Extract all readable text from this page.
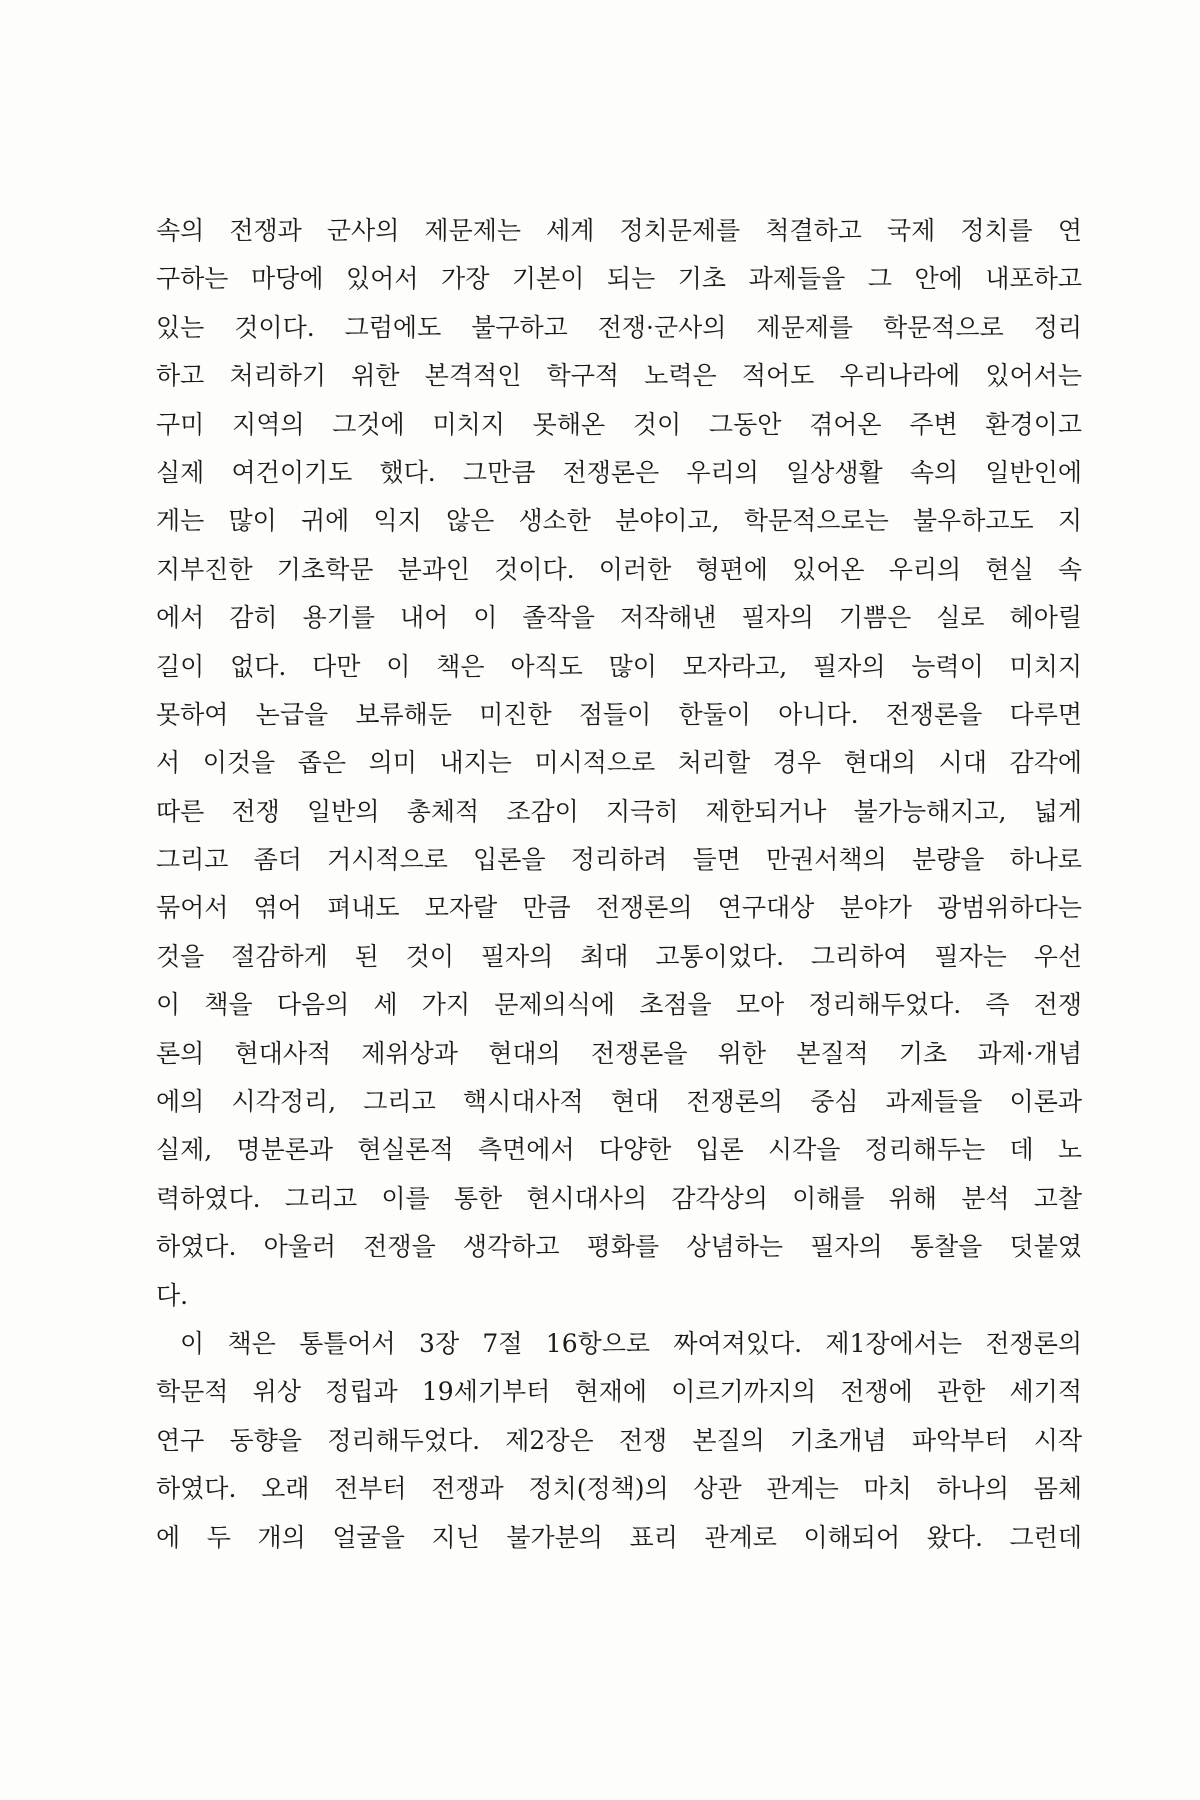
속의 전쟁과 군사의 제문제는 세계 정치문제를 척결하고 국제 정치를 연
구하는 마당에 있어서 가장 기본이 되는 기초 과제들을 그 안에 내포하고
있는 것이다. 그럼에도 불구하고 전쟁·군사의 제문제를 학문적으로 정리
하고 처리하기 위한 본격적인 학구적 노력은 적어도 우리나라에 있어서는
구미 지역의 그것에 미치지 못해온 것이 그동안 겪어온 주변 환경이고
실제 여건이기도 했다. 그만큼 전쟁론은 우리의 일상생활 속의 일반인에
게는 많이 귀에 익지 않은 생소한 분야이고, 학문적으로는 불우하고도 지
지부진한 기초학문 분과인 것이다. 이러한 형편에 있어온 우리의 현실 속
에서 감히 용기를 내어 이 졸작을 저작해낸 필자의 기쁨은 실로 헤아릴
길이 없다. 다만 이 책은 아직도 많이 모자라고, 필자의 능력이 미치지
못하여 논급을 보류해둔 미진한 점들이 한둘이 아니다. 전쟁론을 다루면
서 이것을 좁은 의미 내지는 미시적으로 처리할 경우 현대의 시대 감각에
따른 전쟁 일반의 총체적 조감이 지극히 제한되거나 불가능해지고, 넓게
그리고 좀더 거시적으로 입론을 정리하려 들면 만권서책의 분량을 하나로
묶어서 엮어 펴내도 모자랄 만큼 전쟁론의 연구대상 분야가 광범위하다는
것을 절감하게 된 것이 필자의 최대 고통이었다. 그리하여 필자는 우선
이 책을 다음의 세 가지 문제의식에 초점을 모아 정리해두었다. 즉 전쟁
론의 현대사적 제위상과 현대의 전쟁론을 위한 본질적 기초 과제·개념
에의 시각정리, 그리고 핵시대사적 현대 전쟁론의 중심 과제들을 이론과
실제, 명분론과 현실론적 측면에서 다양한 입론 시각을 정리해두는 데 노
력하였다. 그리고 이를 통한 현시대사의 감각상의 이해를 위해 분석 고찰
하였다. 아울러 전쟁을 생각하고 평화를 상념하는 필자의 통찰을 덧붙였
다.
이 책은 통틀어서 3장 7절 16항으로 짜여져있다. 제1장에서는 전쟁론의
학문적 위상 정립과 19세기부터 현재에 이르기까지의 전쟁에 관한 세기적
연구 동향을 정리해두었다. 제2장은 전쟁 본질의 기초개념 파악부터 시작
하였다. 오래 전부터 전쟁과 정치(정책)의 상관 관계는 마치 하나의 몸체
에 두 개의 얼굴을 지닌 불가분의 표리 관계로 이해되어 왔다. 그런데
